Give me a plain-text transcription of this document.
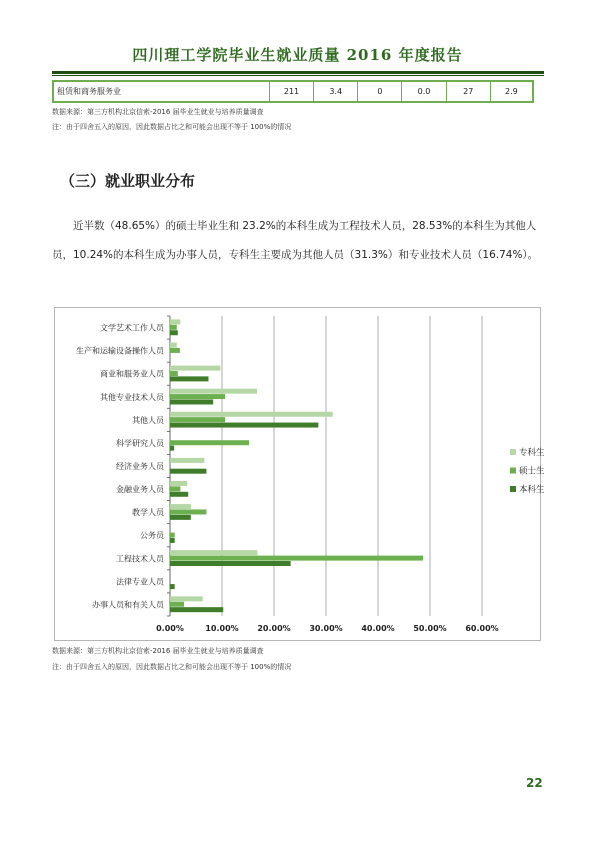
四川理工学院毕业生就业质量 2016 年度报告
租赁和商务服务业	211	3.4	0	0.0	27	2.9
数据来源：第三方机构北京信索-2016 届毕业生就业与培养质量调查
注：由于四舍五入的原因，因此数据占比之和可能会出现不等于 100%的情况
（三）就业职业分布
近半数（48.65%）的硕士毕业生和 23.2%的本科生成为工程技术人员，28.53%的本科生为其他人员，10.24%的本科生成为办事人员，专科生主要成为其他人员（31.3%）和专业技术人员（16.74%）。
0.00%	10.00% 20.00% 30.00% 40.00% 50.00% 60.00%
文学艺术工作人员
生产和运输设备操作人员
商业和服务业人员
其他专业技术人员
其他人员
科学研究人员
经济业务人员
金融业务人员
教学人员
公务员
工程技术人员
法律专业人员
办事人员和有关人员
专科生
硕士生
本科生
数据来源：第三方机构北京信索-2016 届毕业生就业与培养质量调查
注：由于四舍五入的原因，因此数据占比之和可能会出现不等于 100%的情况
22
